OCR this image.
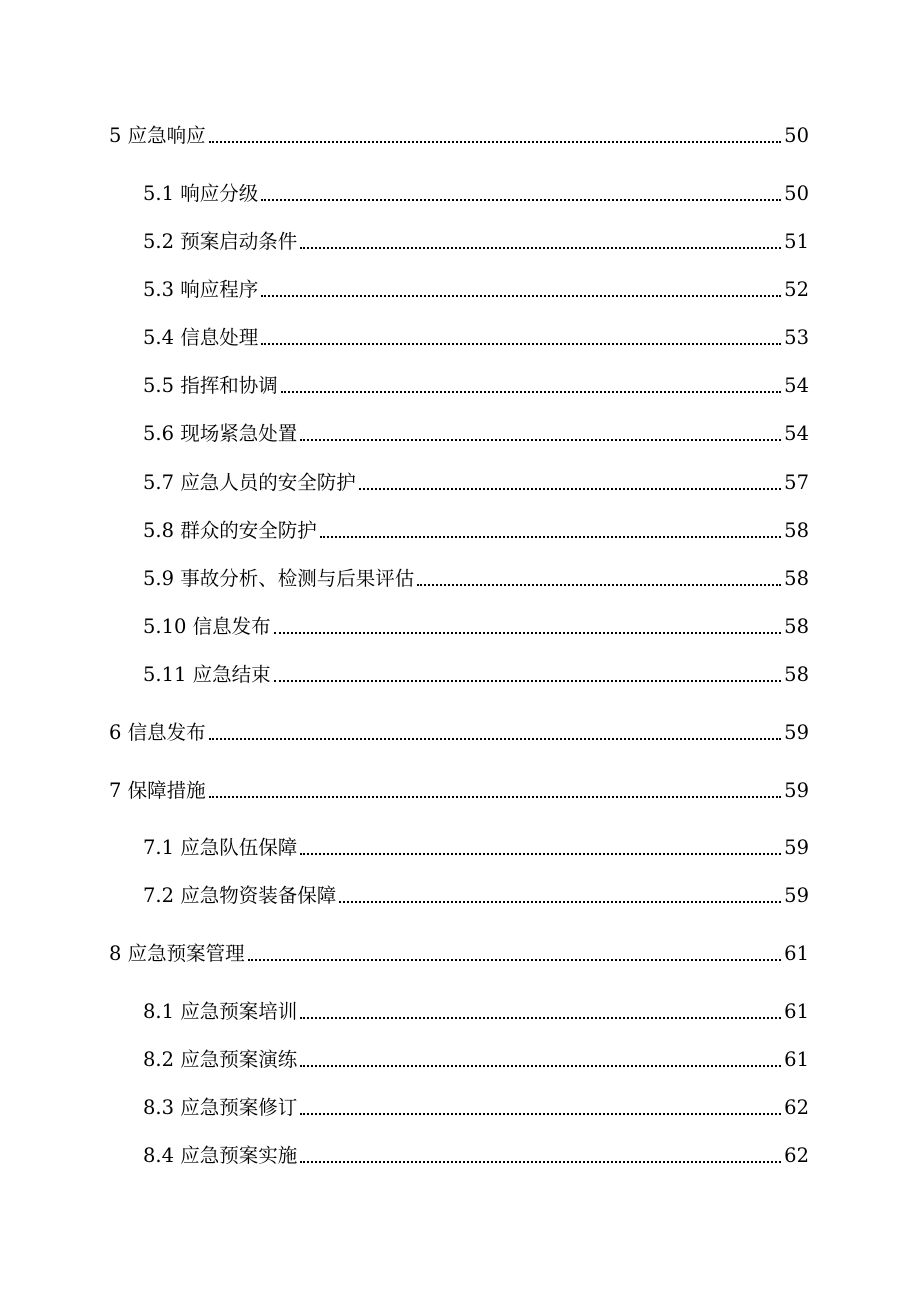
5 应急响应	50
5.1 响应分级	50
5.2 预案启动条件	51
5.3 响应程序	52
5.4 信息处理	53
5.5 指挥和协调	54
5.6 现场紧急处置	54
5.7 应急人员的安全防护	57
5.8 群众的安全防护	58
5.9 事故分析、检测与后果评估	58
5.10 信息发布	58
5.11 应急结束	58
6 信息发布	59
7 保障措施	59
7.1 应急队伍保障	59
7.2 应急物资装备保障	59
8 应急预案管理	61
8.1 应急预案培训	61
8.2 应急预案演练	61
8.3 应急预案修订	62
8.4 应急预案实施	62
